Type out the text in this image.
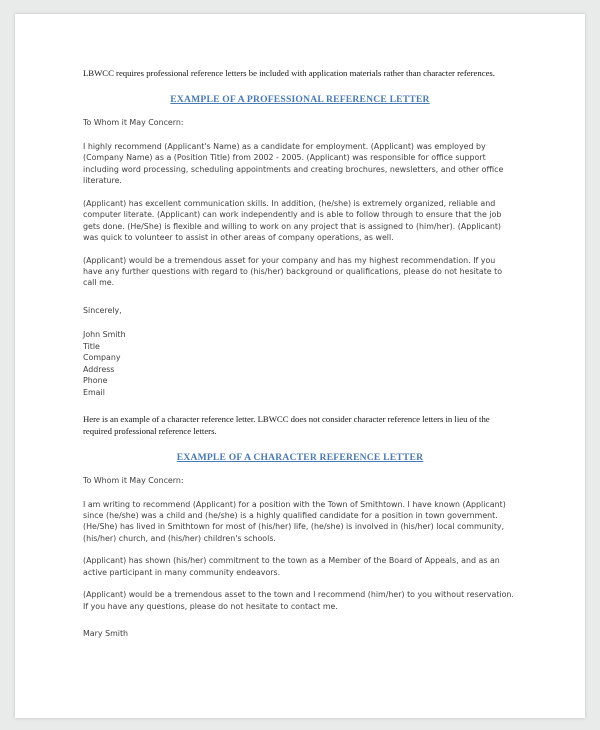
LBWCC requires professional reference letters be included with application materials rather than character references.

EXAMPLE OF A PROFESSIONAL REFERENCE LETTER

To Whom it May Concern:

I highly recommend (Applicant's Name) as a candidate for employment. (Applicant) was employed by (Company Name) as a (Position Title) from 2002 - 2005. (Applicant) was responsible for office support including word processing, scheduling appointments and creating brochures, newsletters, and other office literature.

(Applicant) has excellent communication skills. In addition, (he/she) is extremely organized, reliable and computer literate. (Applicant) can work independently and is able to follow through to ensure that the job gets done. (He/She) is flexible and willing to work on any project that is assigned to (him/her). (Applicant) was quick to volunteer to assist in other areas of company operations, as well.

(Applicant) would be a tremendous asset for your company and has my highest recommendation. If you have any further questions with regard to (his/her) background or qualifications, please do not hesitate to call me.

Sincerely,

John Smith
Title
Company
Address
Phone
Email

Here is an example of a character reference letter. LBWCC does not consider character reference letters in lieu of the required professional reference letters.

EXAMPLE OF A CHARACTER REFERENCE LETTER

To Whom it May Concern:

I am writing to recommend (Applicant) for a position with the Town of Smithtown. I have known (Applicant) since (he/she) was a child and (he/she) is a highly qualified candidate for a position in town government. (He/She) has lived in Smithtown for most of (his/her) life, (he/she) is involved in (his/her) local community, (his/her) church, and (his/her) children's schools.

(Applicant) has shown (his/her) commitment to the town as a Member of the Board of Appeals, and as an active participant in many community endeavors.

(Applicant) would be a tremendous asset to the town and I recommend (him/her) to you without reservation. If you have any questions, please do not hesitate to contact me.

Mary Smith
